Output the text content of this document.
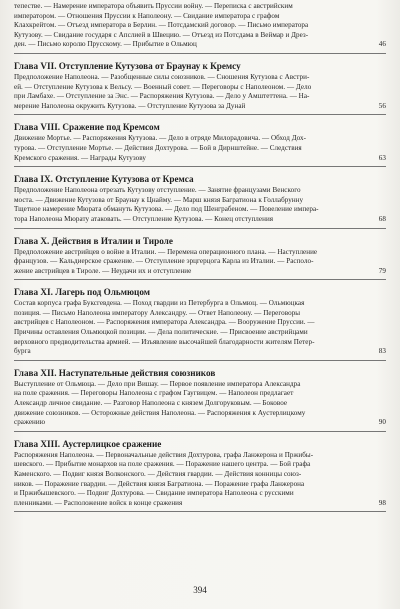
тепестве. — Намерение императора объявить Пруссии войну. — Переписка с австрийским
императором. — Отношения Пруссии к Наполеону. — Свидание императора с графом
Клахкрейтом. — Отъезд императора в Берлин. — Потсдамский договор. — Письмо императора
Кутузову. — Свидание государя с Апслией в Швецию. — Отъезд из Потсдама в Веймар и Дрез-
ден. — Письмо королю Прусскому. — Прибытие в Ольмюц	46
Глава VII. Отступление Кутузова от Браунау к Кремсу
Предположение Наполеона. — Разобщенные силы союзников. — Сношения Кутузова с Австри-
ей. — Отступление Кутузова к Вельсу. — Военный совет. — Переговоры с Наполеоном. — Дело
при Ламбахе. — Отступление за Энс. — Распоряжения Кутузова. — Дело у Амштеттена. — На-
мерение Наполеона окружить Кутузова. — Отступление Кутузова за Дунай	56
Глава VIII. Сражение под Кремсом
Движение Мортье. — Распоряжения Кутузова. — Дело в отряде Милорадовича. — Обход Дох-
турова. — Отступление Мортье. — Действия Дохтурова. — Бой в Дирнштейне. — Следствия
Кремского сражения. — Награды Кутузову	63
Глава IX. Отступление Кутузова от Кремса
Предположение Наполеона отрезать Кутузову отступление. — Занятие французами Венского
моста. — Движение Кутузова от Браунау к Цнайму. — Марш князя Багратиона к Голлабрунну
Тщетное намерение Мюрата обмануть Кутузова. — Дело под Шенграбеном. — Повеление импера-
тора Наполеона Мюрату атаковать. — Отступление Кутузова. — Конец отступления	68
Глава X. Действия в Италии и Тироле
Предположение австрийцев о войне в Италии. — Перемена операционного плана. — Наступление
французов. — Кальдиерское сражение. — Отступление эрцгерцога Карла из Италии. — Располо-
жение австрийцев в Тироле. — Неудачи их и отступление	79
Глава XI. Лагерь под Ольмюцом
Состав корпуса графа Буксгевдена. — Поход гвардии из Петербурга в Ольмюц. — Ольмюцкая
позиция. — Письмо Наполеона императору Александру. — Ответ Наполеону. — Переговоры
австрийцев с Наполеоном. — Распоряжения императора Александра. — Вооружение Пруссии. —
Причины оставления Ольмюцкой позиции. — Дела политические. — Присвоение австрийцами
верховного предводительства армией. — Изъявление высочайшей благодарности жителям Петер-
бурга	83
Глава XII. Наступательные действия союзников
Выступление от Ольмюца. — Дело при Вишау. — Первое появление императора Александра
на поле сражения. — Переговоры Наполеона с графом Гаугвицем. — Наполеон предлагает
Александр личное свидание. — Разговор Наполеона с князем Долгоруковым. — Боковое
движение союзников. — Осторожные действия Наполеона. — Распоряжения к Аустерлицкому
сражению	90
Глава XIII. Аустерлицкое сражение
Распоряжения Наполеона. — Первоначальные действия Дохтурова, графа Ланжерона и Пржибы-
шевского. — Прибытие монархов на поле сражения. — Поражение нашего центра. — Бой графа
Каменского. — Подвиг князя Волконского. — Действия гвардии. — Действия конницы союз-
ников. — Поражение гвардии. — Действия князя Багратиона. — Поражение графа Ланжерона
и Пржибышевского. — Подвиг Дохтурова. — Свидание императора Наполеона с русскими
пленниками. — Расположение войск в конце сражения	98
394
